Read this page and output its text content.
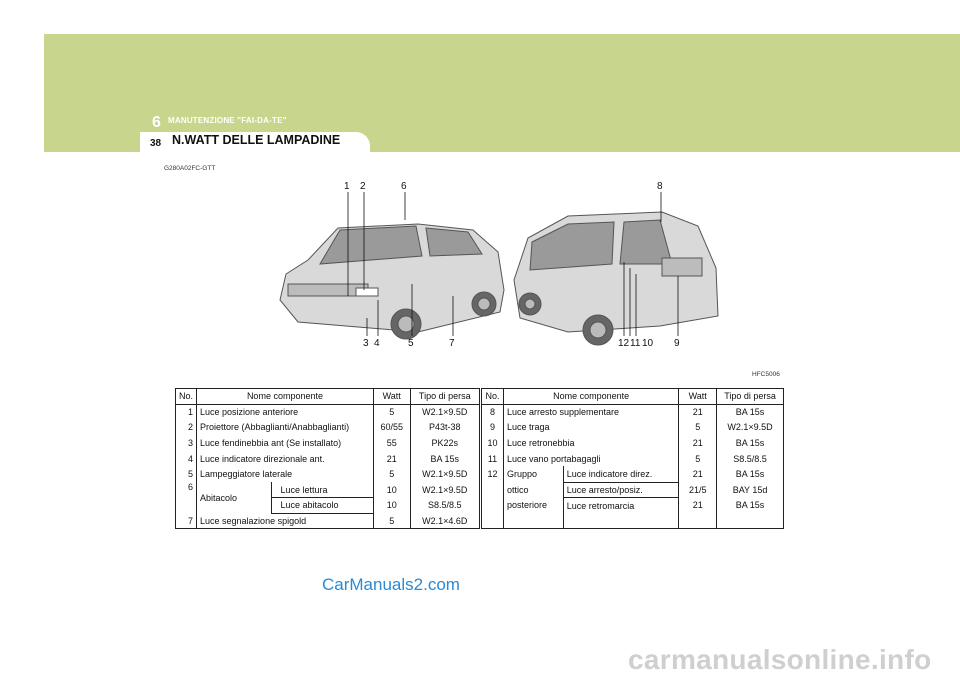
6 MANUTENZIONE "FAI-DA-TE"
38 N.WATT DELLE LAMPADINE
G280A02FC-GTT
1 2	6
3 4	5	7
8
12 11 10 9
HFC5006
No.	Nome componente		Watt	Tipo di persa
1	Luce posizione anteriore		5	W2.1×9.5D
2	Proiettore (Abbaglianti/Anabbaglianti)		60/55	P43t-38
3	Luce fendinebbia ant (Se installato)		55	PK22s
4	Luce indicatore direzionale ant.		21	BA 15s
5	Lampeggiatore laterale		5	W2.1×9.5D
6	Abitacolo	Luce lettura	10	W2.1×9.5D
		Luce abitacolo	10	S8.5/8.5
7	Luce segnalazione spigold		5	W2.1×4.6D
No.	Nome componente		Watt	Tipo di persa
8	Luce arresto supplementare		21	BA 15s
9	Luce traga		5	W2.1×9.5D
10	Luce retronebbia		21	BA 15s
11	Luce vano portabagagli		5	S8.5/8.5
12	Gruppo	Luce indicatore direz.	21	BA 15s
	ottico	Luce arresto/posiz.	21/5	BAY 15d
	posteriore	Luce retromarcia	21	BA 15s

CarManuals2.com
carmanualsonline.info
